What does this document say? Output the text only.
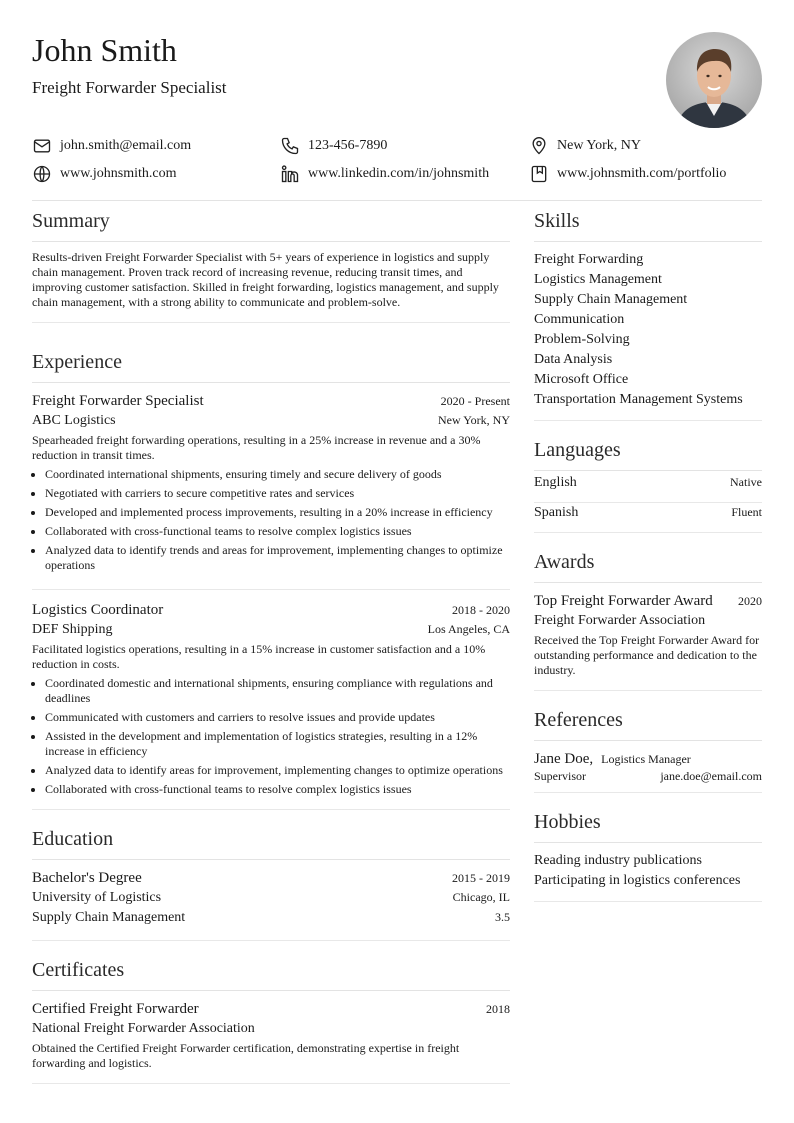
John Smith
Freight Forwarder Specialist
john.smith@email.com	123-456-7890	New York, NY
www.johnsmith.com	www.linkedin.com/in/johnsmith	www.johnsmith.com/portfolio
Summary
Results-driven Freight Forwarder Specialist with 5+ years of experience in logistics and supply chain management. Proven track record of increasing revenue, reducing transit times, and improving customer satisfaction. Skilled in freight forwarding, logistics management, and supply chain management, with a strong ability to communicate and problem-solve.
Experience
Freight Forwarder Specialist	2020 - Present
ABC Logistics	New York, NY
Spearheaded freight forwarding operations, resulting in a 25% increase in revenue and a 30% reduction in transit times.
• Coordinated international shipments, ensuring timely and secure delivery of goods
• Negotiated with carriers to secure competitive rates and services
• Developed and implemented process improvements, resulting in a 20% increase in efficiency
• Collaborated with cross-functional teams to resolve complex logistics issues
• Analyzed data to identify trends and areas for improvement, implementing changes to optimize operations
Logistics Coordinator	2018 - 2020
DEF Shipping	Los Angeles, CA
Facilitated logistics operations, resulting in a 15% increase in customer satisfaction and a 10% reduction in costs.
• Coordinated domestic and international shipments, ensuring compliance with regulations and deadlines
• Communicated with customers and carriers to resolve issues and provide updates
• Assisted in the development and implementation of logistics strategies, resulting in a 12% increase in efficiency
• Analyzed data to identify areas for improvement, implementing changes to optimize operations
• Collaborated with cross-functional teams to resolve complex logistics issues
Education
Bachelor's Degree	2015 - 2019
University of Logistics	Chicago, IL
Supply Chain Management	3.5
Certificates
Certified Freight Forwarder	2018
National Freight Forwarder Association
Obtained the Certified Freight Forwarder certification, demonstrating expertise in freight forwarding and logistics.
Skills
Freight Forwarding
Logistics Management
Supply Chain Management
Communication
Problem-Solving
Data Analysis
Microsoft Office
Transportation Management Systems
Languages
English	Native
Spanish	Fluent
Awards
Top Freight Forwarder Award 2020
Freight Forwarder Association
Received the Top Freight Forwarder Award for outstanding performance and dedication to the industry.
References
Jane Doe, Logistics Manager
Supervisor	jane.doe@email.com
Hobbies
Reading industry publications
Participating in logistics conferences
